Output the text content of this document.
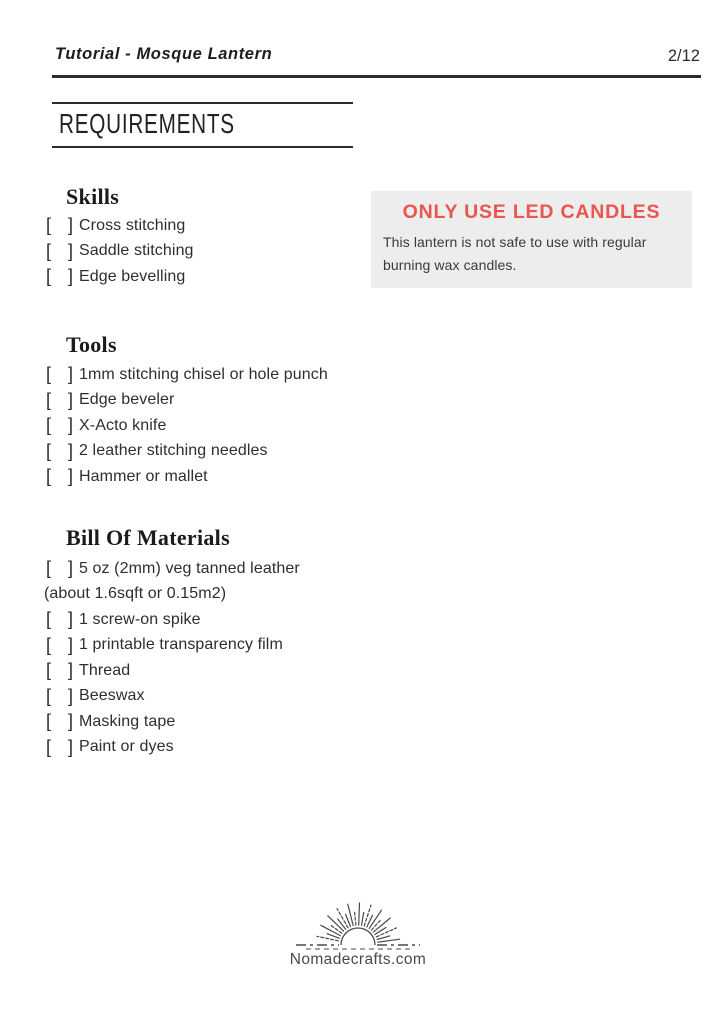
Tutorial - Mosque Lantern	2/12
REQUIREMENTS
Skills
[ ] Cross stitching
[ ] Saddle stitching
[ ] Edge bevelling
ONLY USE LED CANDLES
This lantern is not safe to use with regular
burning wax candles.
Tools
[ ] 1mm stitching chisel or hole punch
[ ] Edge beveler
[ ] X-Acto knife
[ ] 2 leather stitching needles
[ ] Hammer or mallet
Bill Of Materials
[ ] 5 oz (2mm) veg tanned leather
(about 1.6sqft or 0.15m2)
[ ] 1 screw-on spike
[ ] 1 printable transparency film
[ ] Thread
[ ] Beeswax
[ ] Masking tape
[ ] Paint or dyes
Nomadecrafts.com
